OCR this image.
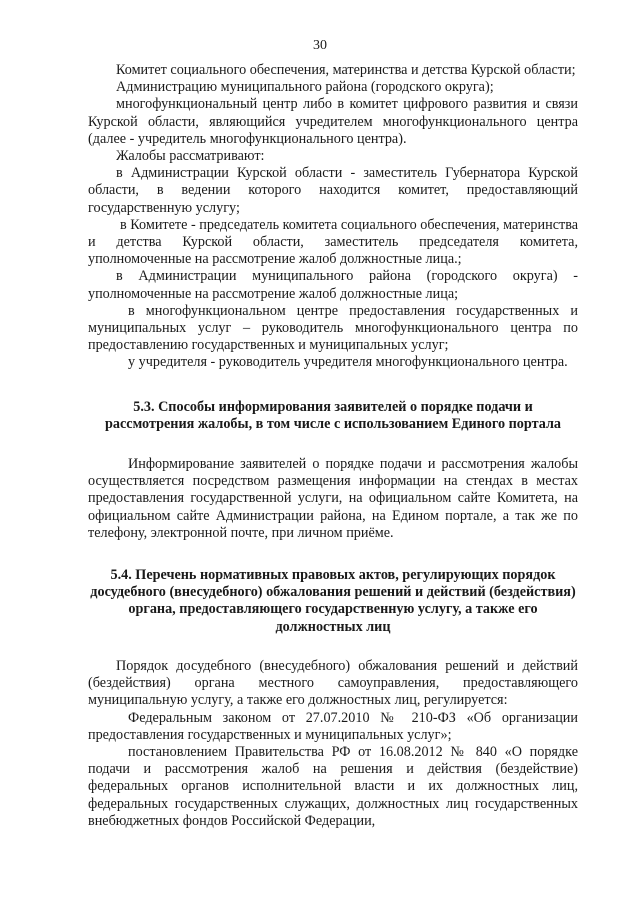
30

Комитет социального обеспечения, материнства и детства Курской области;

Администрацию муниципального района (городского округа);

многофункциональный центр либо в комитет цифрового развития и связи Курской области, являющийся учредителем многофункционального центра (далее - учредитель многофункционального центра).

Жалобы рассматривают:

в Администрации Курской области - заместитель Губернатора Курской области, в ведении которого находится комитет, предоставляющий государственную услугу;

в Комитете - председатель комитета социального обеспечения, материнства и детства Курской области, заместитель председателя комитета, уполномоченные на рассмотрение жалоб должностные лица.;

в Администрации муниципального района (городского округа) - уполномоченные на рассмотрение жалоб должностные лица;

в многофункциональном центре предоставления государственных и муниципальных услуг – руководитель многофункционального центра по предоставлению государственных и муниципальных услуг;

у учредителя - руководитель учредителя многофункционального центра.

5.3. Способы информирования заявителей о порядке подачи и рассмотрения жалобы, в том числе с использованием Единого портала

Информирование заявителей о порядке подачи и рассмотрения жалобы осуществляется посредством размещения информации на стендах в местах предоставления государственной услуги, на официальном сайте Комитета, на официальном сайте Администрации района, на Едином портале, а так же по телефону, электронной почте, при личном приёме.

5.4. Перечень нормативных правовых актов, регулирующих порядок досудебного (внесудебного) обжалования решений и действий (бездействия) органа, предоставляющего государственную услугу, а также его должностных лиц

Порядок досудебного (внесудебного) обжалования решений и действий (бездействия) органа местного самоуправления, предоставляющего муниципальную услугу, а также его должностных лиц, регулируется:

Федеральным законом от 27.07.2010 № 210-ФЗ «Об организации предоставления государственных и муниципальных услуг»;

постановлением Правительства РФ от 16.08.2012 № 840 «О порядке подачи и рассмотрения жалоб на решения и действия (бездействие) федеральных органов исполнительной власти и их должностных лиц, федеральных государственных служащих, должностных лиц государственных внебюджетных фондов Российской Федерации,
